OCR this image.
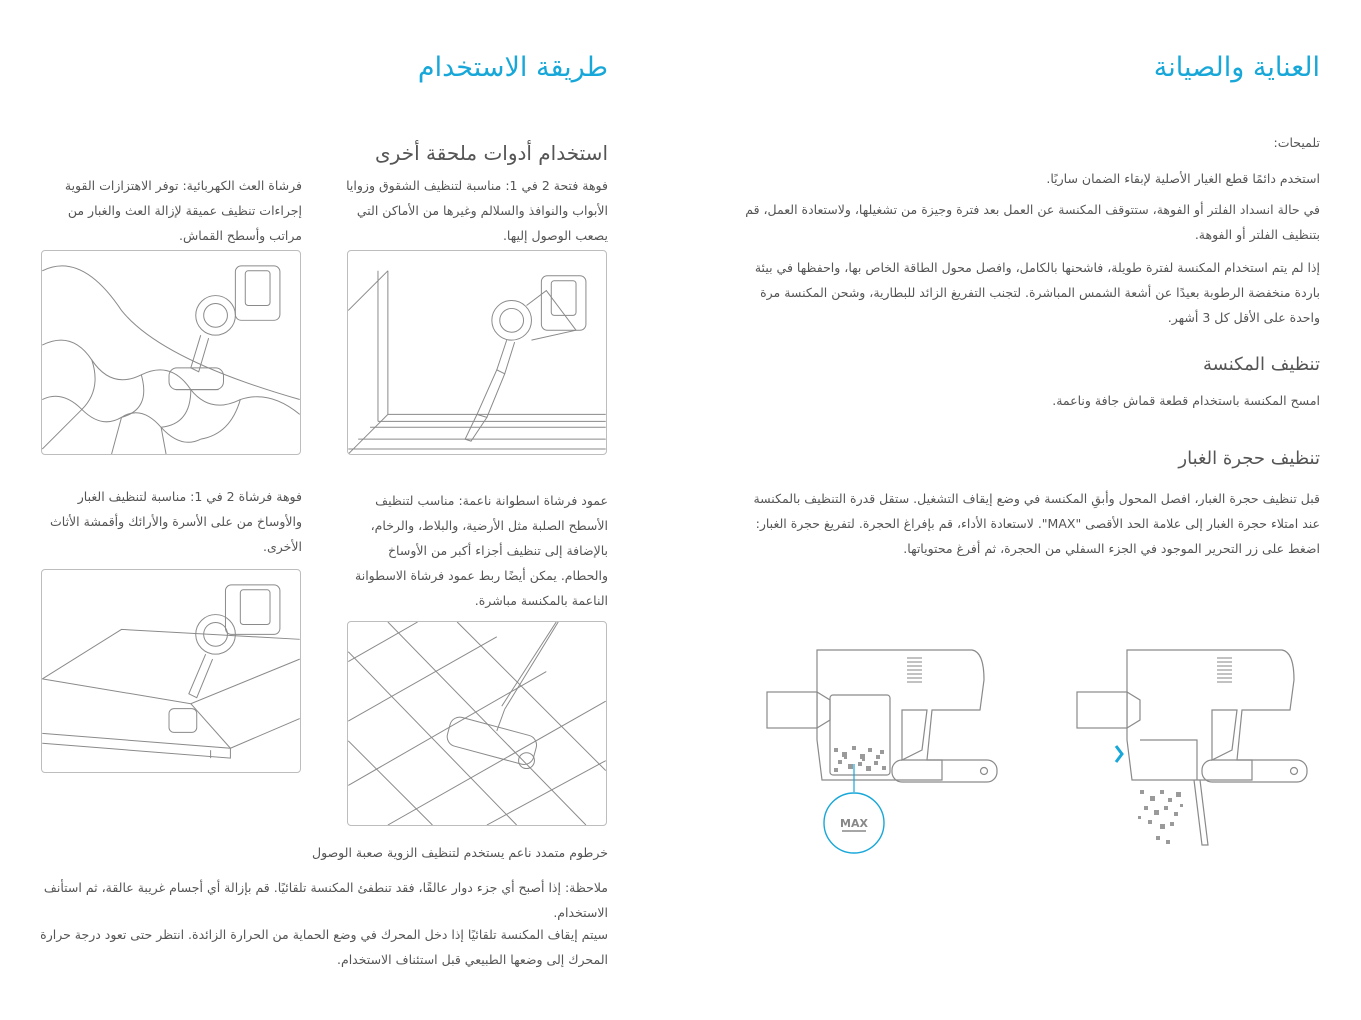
العناية والصيانة

تلميحات:

استخدم دائمًا قطع الغيار الأصلية لإبقاء الضمان ساريًا.

في حالة انسداد الفلتر أو الفوهة، ستتوقف المكنسة عن العمل بعد فترة وجيزة من تشغيلها، ولاستعادة العمل، قم بتنظيف الفلتر أو الفوهة.

إذا لم يتم استخدام المكنسة لفترة طويلة، فاشحنها بالكامل، وافصل محول الطاقة الخاص بها، واحفظها في بيئة باردة منخفضة الرطوبة بعيدًا عن أشعة الشمس المباشرة. لتجنب التفريغ الزائد للبطارية، وشحن المكنسة مرة واحدة على الأقل كل 3 أشهر.

تنظيف المكنسة

امسح المكنسة باستخدام قطعة قماش جافة وناعمة.

تنظيف حجرة الغبار

قبل تنظيف حجرة الغبار، افصل المحول وأبقِ المكنسة في وضع إيقاف التشغيل. ستقل قدرة التنظيف بالمكنسة عند امتلاء حجرة الغبار إلى علامة الحد الأقصى "MAX". لاستعادة الأداء، قم بإفراغ الحجرة. لتفريغ حجرة الغبار: اضغط على زر التحرير الموجود في الجزء السفلي من الحجرة، ثم أفرغ محتوياتها.

MAX
طريقة الاستخدام
استخدام أدوات ملحقة أخرى

فوهة فتحة 2 في 1: مناسبة لتنظيف الشقوق وزوايا الأبواب والنوافذ والسلالم وغيرها من الأماكن التي يصعب الوصول إليها.

فرشاة العث الكهربائية: توفر الاهتزازات القوية إجراءات تنظيف عميقة لإزالة العث والغبار من مراتب وأسطح القماش.

عمود فرشاة اسطوانة ناعمة: مناسب لتنظيف الأسطح الصلبة مثل الأرضية، والبلاط، والرخام، بالإضافة إلى تنظيف أجزاء أكبر من الأوساخ والحطام. يمكن أيضًا ربط عمود فرشاة الاسطوانة الناعمة بالمكنسة مباشرة.

فوهة فرشاة 2 في 1: مناسبة لتنظيف الغبار والأوساخ من على الأسرة والأرائك وأقمشة الأثاث الأخرى.

خرطوم متمدد ناعم يستخدم لتنظيف الزوية صعبة الوصول

ملاحظة: إذا أصبح أي جزء دوار عالقًا، فقد تنطفئ المكنسة تلقائيًا. قم بإزالة أي أجسام غريبة عالقة، ثم استأنف الاستخدام.

سيتم إيقاف المكنسة تلقائيًا إذا دخل المحرك في وضع الحماية من الحرارة الزائدة. انتظر حتى تعود درجة حرارة المحرك إلى وضعها الطبيعي قبل استئناف الاستخدام.
